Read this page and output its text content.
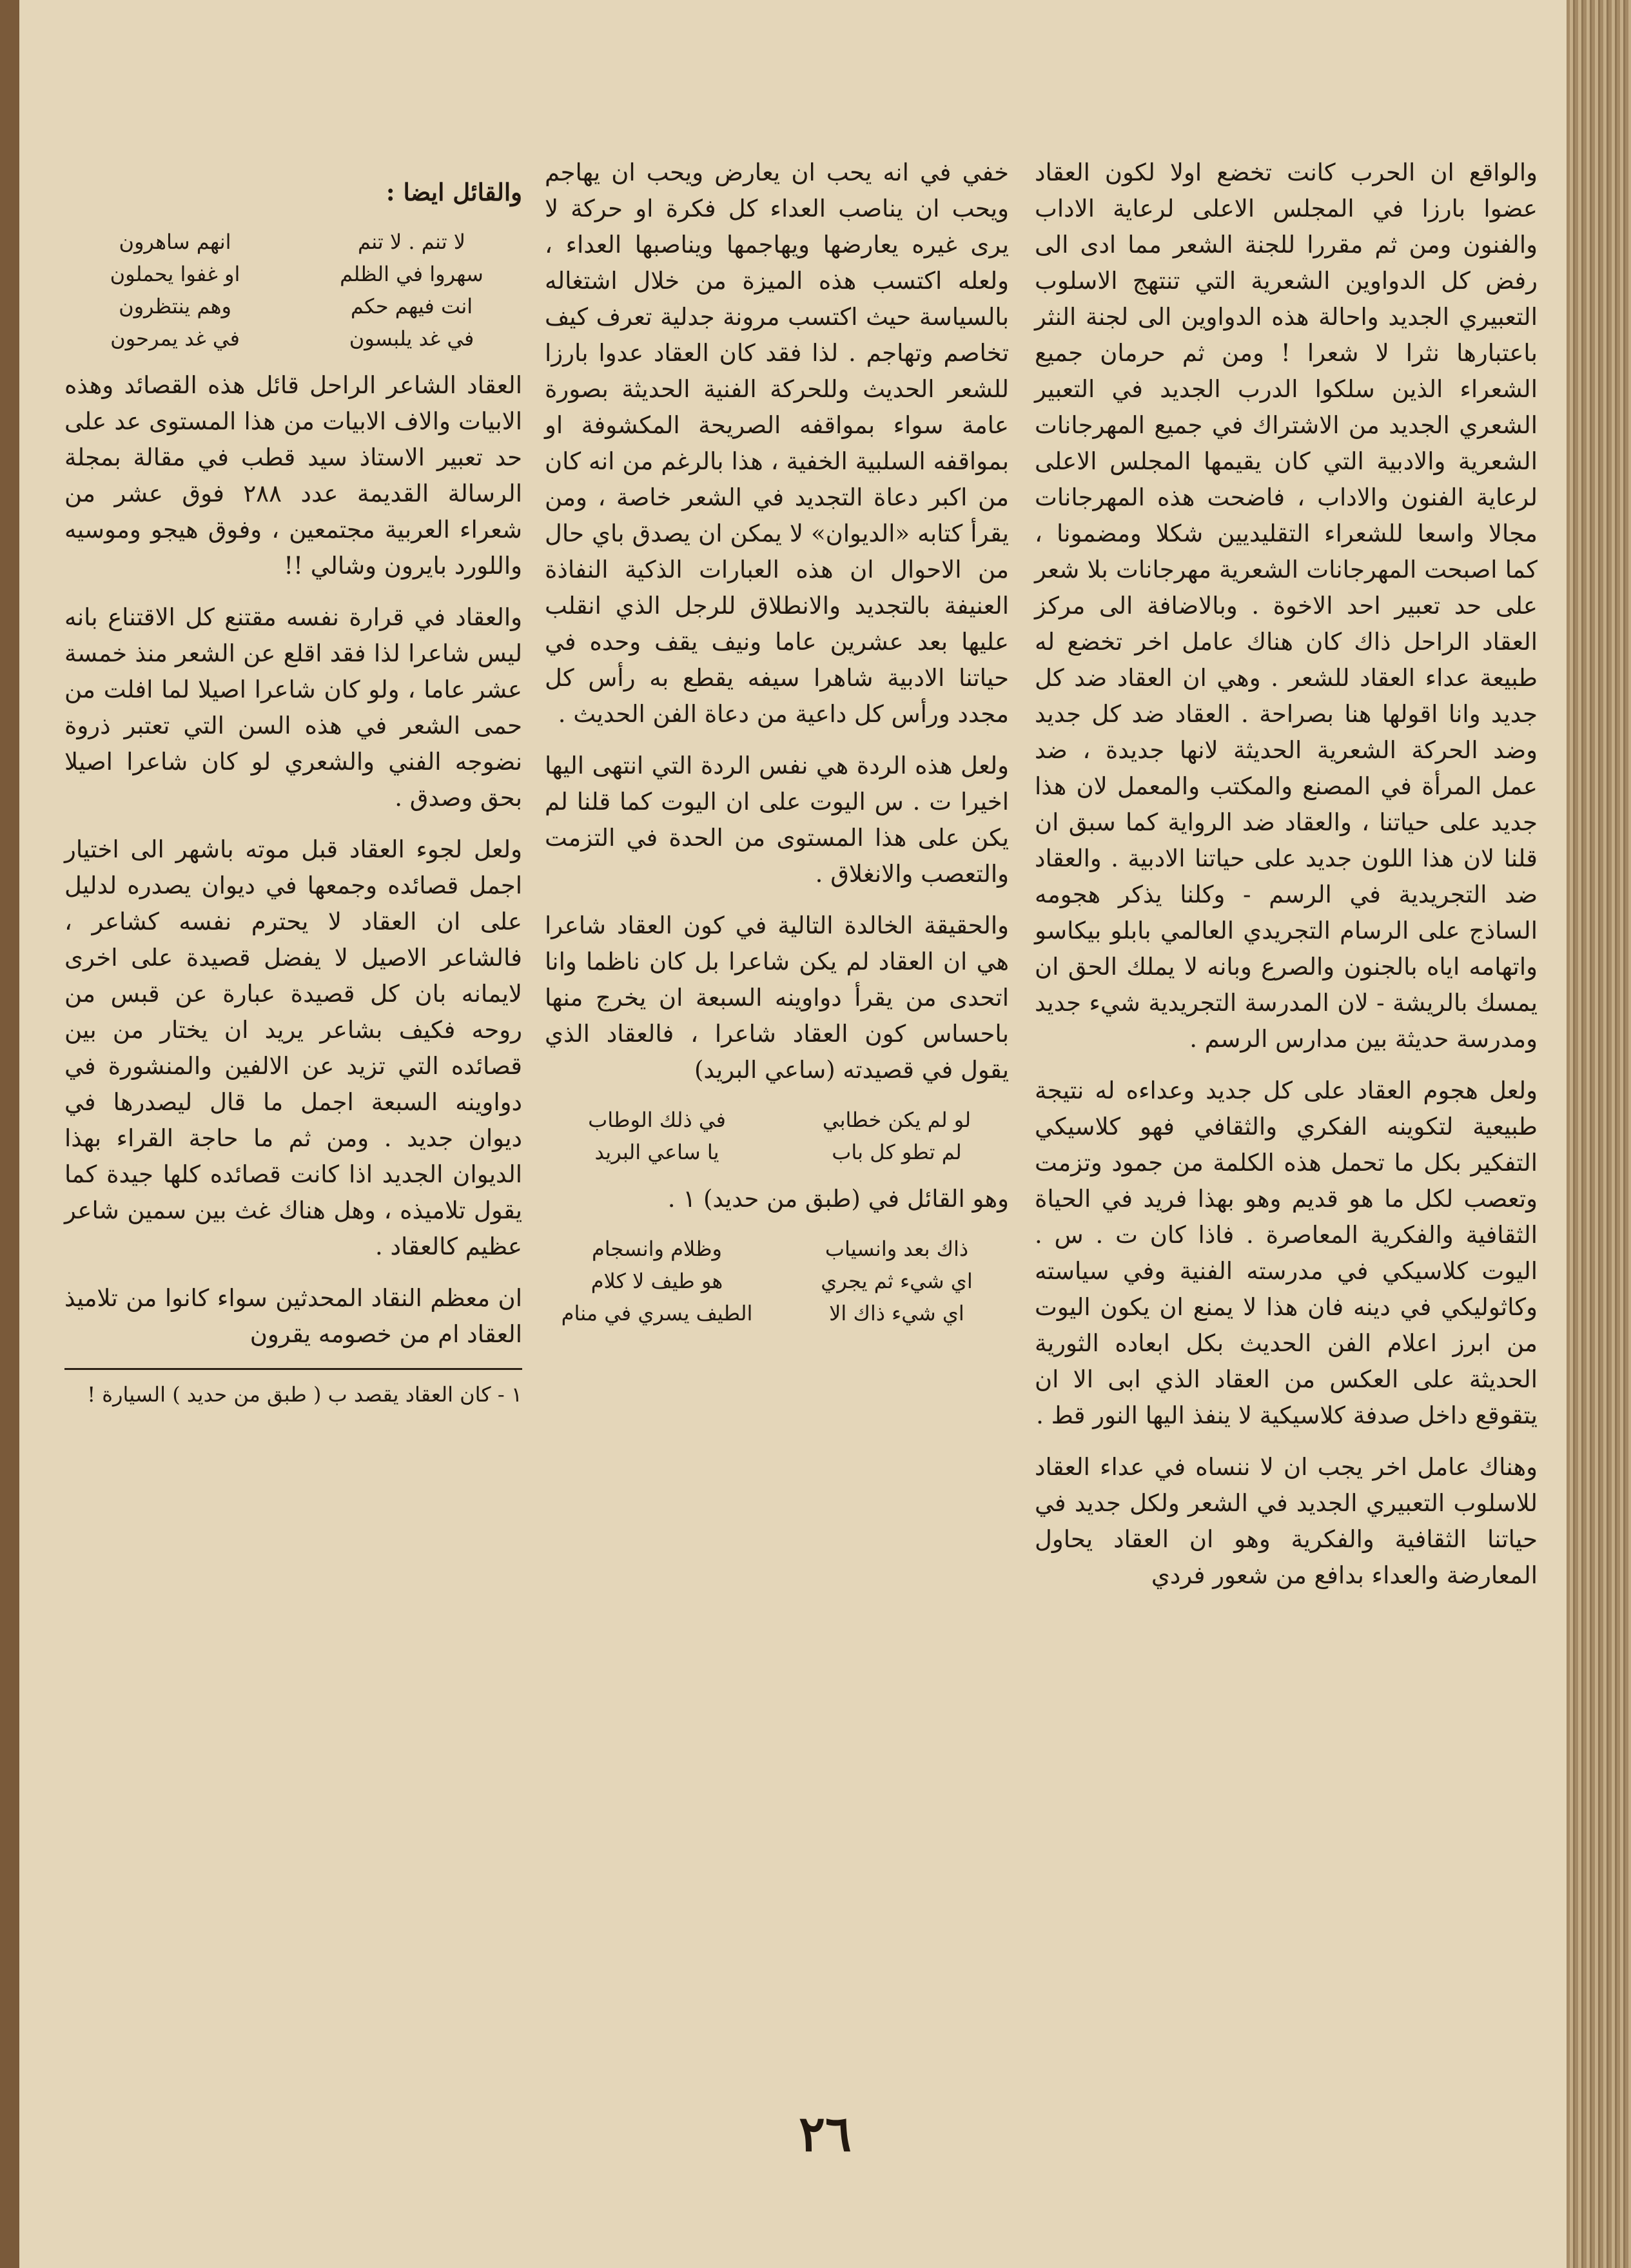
والواقع ان الحرب كانت تخضع اولا لكون العقاد عضوا بارزا في المجلس الاعلى لرعاية الاداب والفنون ومن ثم مقررا للجنة الشعر مما ادى الى رفض كل الدواوين الشعرية التي تنتهج الاسلوب التعبيري الجديد واحالة هذه الدواوين الى لجنة النثر باعتبارها نثرا لا شعرا ! ومن ثم حرمان جميع الشعراء الذين سلكوا الدرب الجديد في التعبير الشعري الجديد من الاشتراك في جميع المهرجانات الشعرية والادبية التي كان يقيمها المجلس الاعلى لرعاية الفنون والاداب ، فاضحت هذه المهرجانات مجالا واسعا للشعراء التقليديين شكلا ومضمونا ، كما اصبحت المهرجانات الشعرية مهرجانات بلا شعر على حد تعبير احد الاخوة . وبالاضافة الى مركز العقاد الراحل ذاك كان هناك عامل اخر تخضع له طبيعة عداء العقاد للشعر . وهي ان العقاد ضد كل جديد وانا اقولها هنا بصراحة . العقاد ضد كل جديد وضد الحركة الشعرية الحديثة لانها جديدة ، ضد عمل المرأة في المصنع والمكتب والمعمل لان هذا جديد على حياتنا ، والعقاد ضد الرواية كما سبق ان قلنا لان هذا اللون جديد على حياتنا الادبية . والعقاد ضد التجريدية في الرسم - وكلنا يذكر هجومه الساذج على الرسام التجريدي العالمي بابلو بيكاسو واتهامه اياه بالجنون والصرع وبانه لا يملك الحق ان يمسك بالريشة - لان المدرسة التجريدية شيء جديد ومدرسة حديثة بين مدارس الرسم .

ولعل هجوم العقاد على كل جديد وعداءه له نتيجة طبيعية لتكوينه الفكري والثقافي فهو كلاسيكي التفكير بكل ما تحمل هذه الكلمة من جمود وتزمت وتعصب لكل ما هو قديم وهو بهذا فريد في الحياة الثقافية والفكرية المعاصرة . فاذا كان ت . س . اليوت كلاسيكي في مدرسته الفنية وفي سياسته وكاثوليكي في دينه فان هذا لا يمنع ان يكون اليوت من ابرز اعلام الفن الحديث بكل ابعاده الثورية الحديثة على العكس من العقاد الذي ابى الا ان يتقوقع داخل صدفة كلاسيكية لا ينفذ اليها النور قط .

وهناك عامل اخر يجب ان لا ننساه في عداء العقاد للاسلوب التعبيري الجديد في الشعر ولكل جديد في حياتنا الثقافية والفكرية وهو ان العقاد يحاول المعارضة والعداء بدافع من شعور فردي

خفي في انه يحب ان يعارض ويحب ان يهاجم ويحب ان يناصب العداء كل فكرة او حركة لا يرى غيره يعارضها ويهاجمها ويناصبها العداء ، ولعله اكتسب هذه الميزة من خلال اشتغاله بالسياسة حيث اكتسب مرونة جدلية تعرف كيف تخاصم وتهاجم . لذا فقد كان العقاد عدوا بارزا للشعر الحديث وللحركة الفنية الحديثة بصورة عامة سواء بمواقفه الصريحة المكشوفة او بمواقفه السلبية الخفية ، هذا بالرغم من انه كان من اكبر دعاة التجديد في الشعر خاصة ، ومن يقرأ كتابه «الديوان» لا يمكن ان يصدق باي حال من الاحوال ان هذه العبارات الذكية النفاذة العنيفة بالتجديد والانطلاق للرجل الذي انقلب عليها بعد عشرين عاما ونيف يقف وحده في حياتنا الادبية شاهرا سيفه يقطع به رأس كل مجدد ورأس كل داعية من دعاة الفن الحديث .

ولعل هذه الردة هي نفس الردة التي انتهى اليها اخيرا ت . س اليوت على ان اليوت كما قلنا لم يكن على هذا المستوى من الحدة في التزمت والتعصب والانغلاق .

والحقيقة الخالدة التالية في كون العقاد شاعرا هي ان العقاد لم يكن شاعرا بل كان ناظما وانا اتحدى من يقرأ دواوينه السبعة ان يخرج منها باحساس كون العقاد شاعرا ، فالعقاد الذي يقول في قصيدته (ساعي البريد)

لو لم يكن خطابي
في ذلك الوطاب
لم تطو كل باب
يا ساعي البريد

وهو القائل في (طبق من حديد) ١ .

ذاك بعد وانسياب
وظلام وانسجام
اي شيء ثم يجري
هو طيف لا كلام
اي شيء ذاك الا
الطيف يسري في منام

والقائل ايضا :

لا تنم . لا تنم
انهم ساهرون
سهروا في الظلم
او غفوا يحملون
انت فيهم حكم
وهم ينتظرون
في غد يلبسون
في غد يمرحون

العقاد الشاعر الراحل قائل هذه القصائد وهذه الابيات والاف الابيات من هذا المستوى عد على حد تعبير الاستاذ سيد قطب في مقالة بمجلة الرسالة القديمة عدد ٢٨٨ فوق عشر من شعراء العربية مجتمعين ، وفوق هيجو وموسيه واللورد بايرون وشالي !!

والعقاد في قرارة نفسه مقتنع كل الاقتناع بانه ليس شاعرا لذا فقد اقلع عن الشعر منذ خمسة عشر عاما ، ولو كان شاعرا اصيلا لما افلت من حمى الشعر في هذه السن التي تعتبر ذروة نضوجه الفني والشعري لو كان شاعرا اصيلا بحق وصدق .

ولعل لجوء العقاد قبل موته باشهر الى اختيار اجمل قصائده وجمعها في ديوان يصدره لدليل على ان العقاد لا يحترم نفسه كشاعر ، فالشاعر الاصيل لا يفضل قصيدة على اخرى لايمانه بان كل قصيدة عبارة عن قبس من روحه فكيف بشاعر يريد ان يختار من بين قصائده التي تزيد عن الالفين والمنشورة في دواوينه السبعة اجمل ما قال ليصدرها في ديوان جديد . ومن ثم ما حاجة القراء بهذا الديوان الجديد اذا كانت قصائده كلها جيدة كما يقول تلاميذه ، وهل هناك غث بين سمين شاعر عظيم كالعقاد .

ان معظم النقاد المحدثين سواء كانوا من تلاميذ العقاد ام من خصومه يقرون

١ - كان العقاد يقصد ب ( طبق من حديد ) السيارة !
٢٦
